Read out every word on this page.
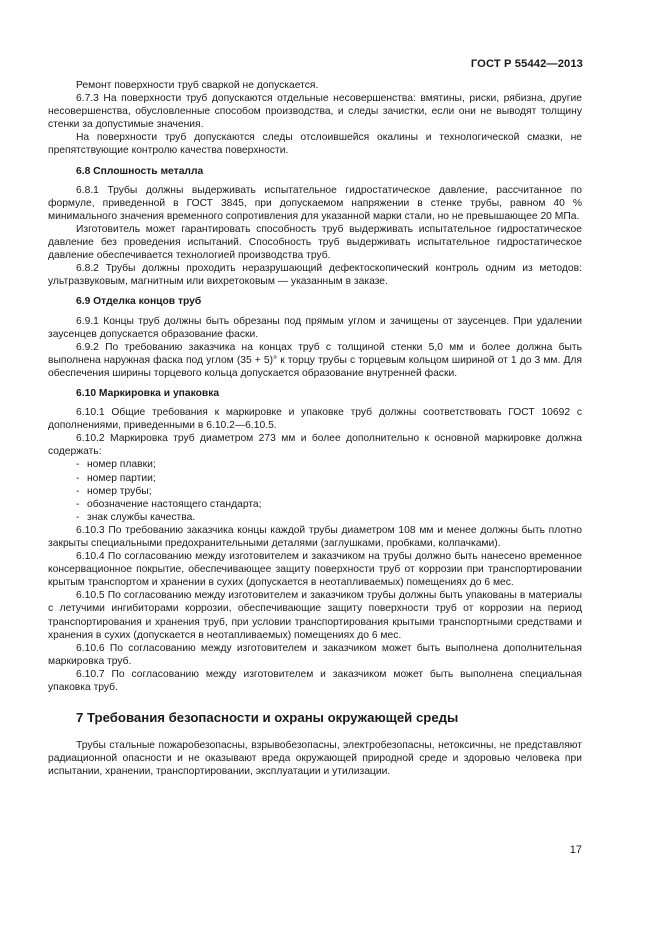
ГОСТ Р 55442—2013

Ремонт поверхности труб сваркой не допускается.

6.7.3 На поверхности труб допускаются отдельные несовершенства: вмятины, риски, рябизна, другие несовершенства, обусловленные способом производства, и следы зачистки, если они не выводят толщину стенки за допустимые значения.

На поверхности труб допускаются следы отслоившейся окалины и технологической смазки, не препятствующие контролю качества поверхности.

6.8 Сплошность металла

6.8.1 Трубы должны выдерживать испытательное гидростатическое давление, рассчитанное по формуле, приведенной в ГОСТ 3845, при допускаемом напряжении в стенке трубы, равном 40 % минимального значения временного сопротивления для указанной марки стали, но не превышающее 20 МПа.

Изготовитель может гарантировать способность труб выдерживать испытательное гидростатическое давление без проведения испытаний. Способность труб выдерживать испытательное гидростатическое давление обеспечивается технологией производства труб.

6.8.2 Трубы должны проходить неразрушающий дефектоскопический контроль одним из методов: ультразвуковым, магнитным или вихретоковым — указанным в заказе.

6.9 Отделка концов труб

6.9.1 Концы труб должны быть обрезаны под прямым углом и зачищены от заусенцев. При удалении заусенцев допускается образование фаски.

6.9.2 По требованию заказчика на концах труб с толщиной стенки 5,0 мм и более должна быть выполнена наружная фаска под углом (35 + 5)° к торцу трубы с торцевым кольцом шириной от 1 до 3 мм. Для обеспечения ширины торцевого кольца допускается образование внутренней фаски.

6.10 Маркировка и упаковка

6.10.1 Общие требования к маркировке и упаковке труб должны соответствовать ГОСТ 10692 с дополнениями, приведенными в 6.10.2—6.10.5.

6.10.2 Маркировка труб диаметром 273 мм и более дополнительно к основной маркировке должна содержать:

- номер плавки;
- номер партии;
- номер трубы;
- обозначение настоящего стандарта;
- знак службы качества.

6.10.3 По требованию заказчика концы каждой трубы диаметром 108 мм и менее должны быть плотно закрыты специальными предохранительными деталями (заглушками, пробками, колпачками).

6.10.4 По согласованию между изготовителем и заказчиком на трубы должно быть нанесено временное консервационное покрытие, обеспечивающее защиту поверхности труб от коррозии при транспортировании крытым транспортом и хранении в сухих (допускается в неотапливаемых) помещениях до 6 мес.

6.10.5 По согласованию между изготовителем и заказчиком трубы должны быть упакованы в материалы с летучими ингибиторами коррозии, обеспечивающие защиту поверхности труб от коррозии на период транспортирования и хранения труб, при условии транспортирования крытыми транспортными средствами и хранения в сухих (допускается в неотапливаемых) помещениях до 6 мес.

6.10.6 По согласованию между изготовителем и заказчиком может быть выполнена дополнительная маркировка труб.

6.10.7 По согласованию между изготовителем и заказчиком может быть выполнена специальная упаковка труб.

7 Требования безопасности и охраны окружающей среды

Трубы стальные пожаробезопасны, взрывобезопасны, электробезопасны, нетоксичны, не представляют радиационной опасности и не оказывают вреда окружающей природной среде и здоровью человека при испытании, хранении, транспортировании, эксплуатации и утилизации.

17
